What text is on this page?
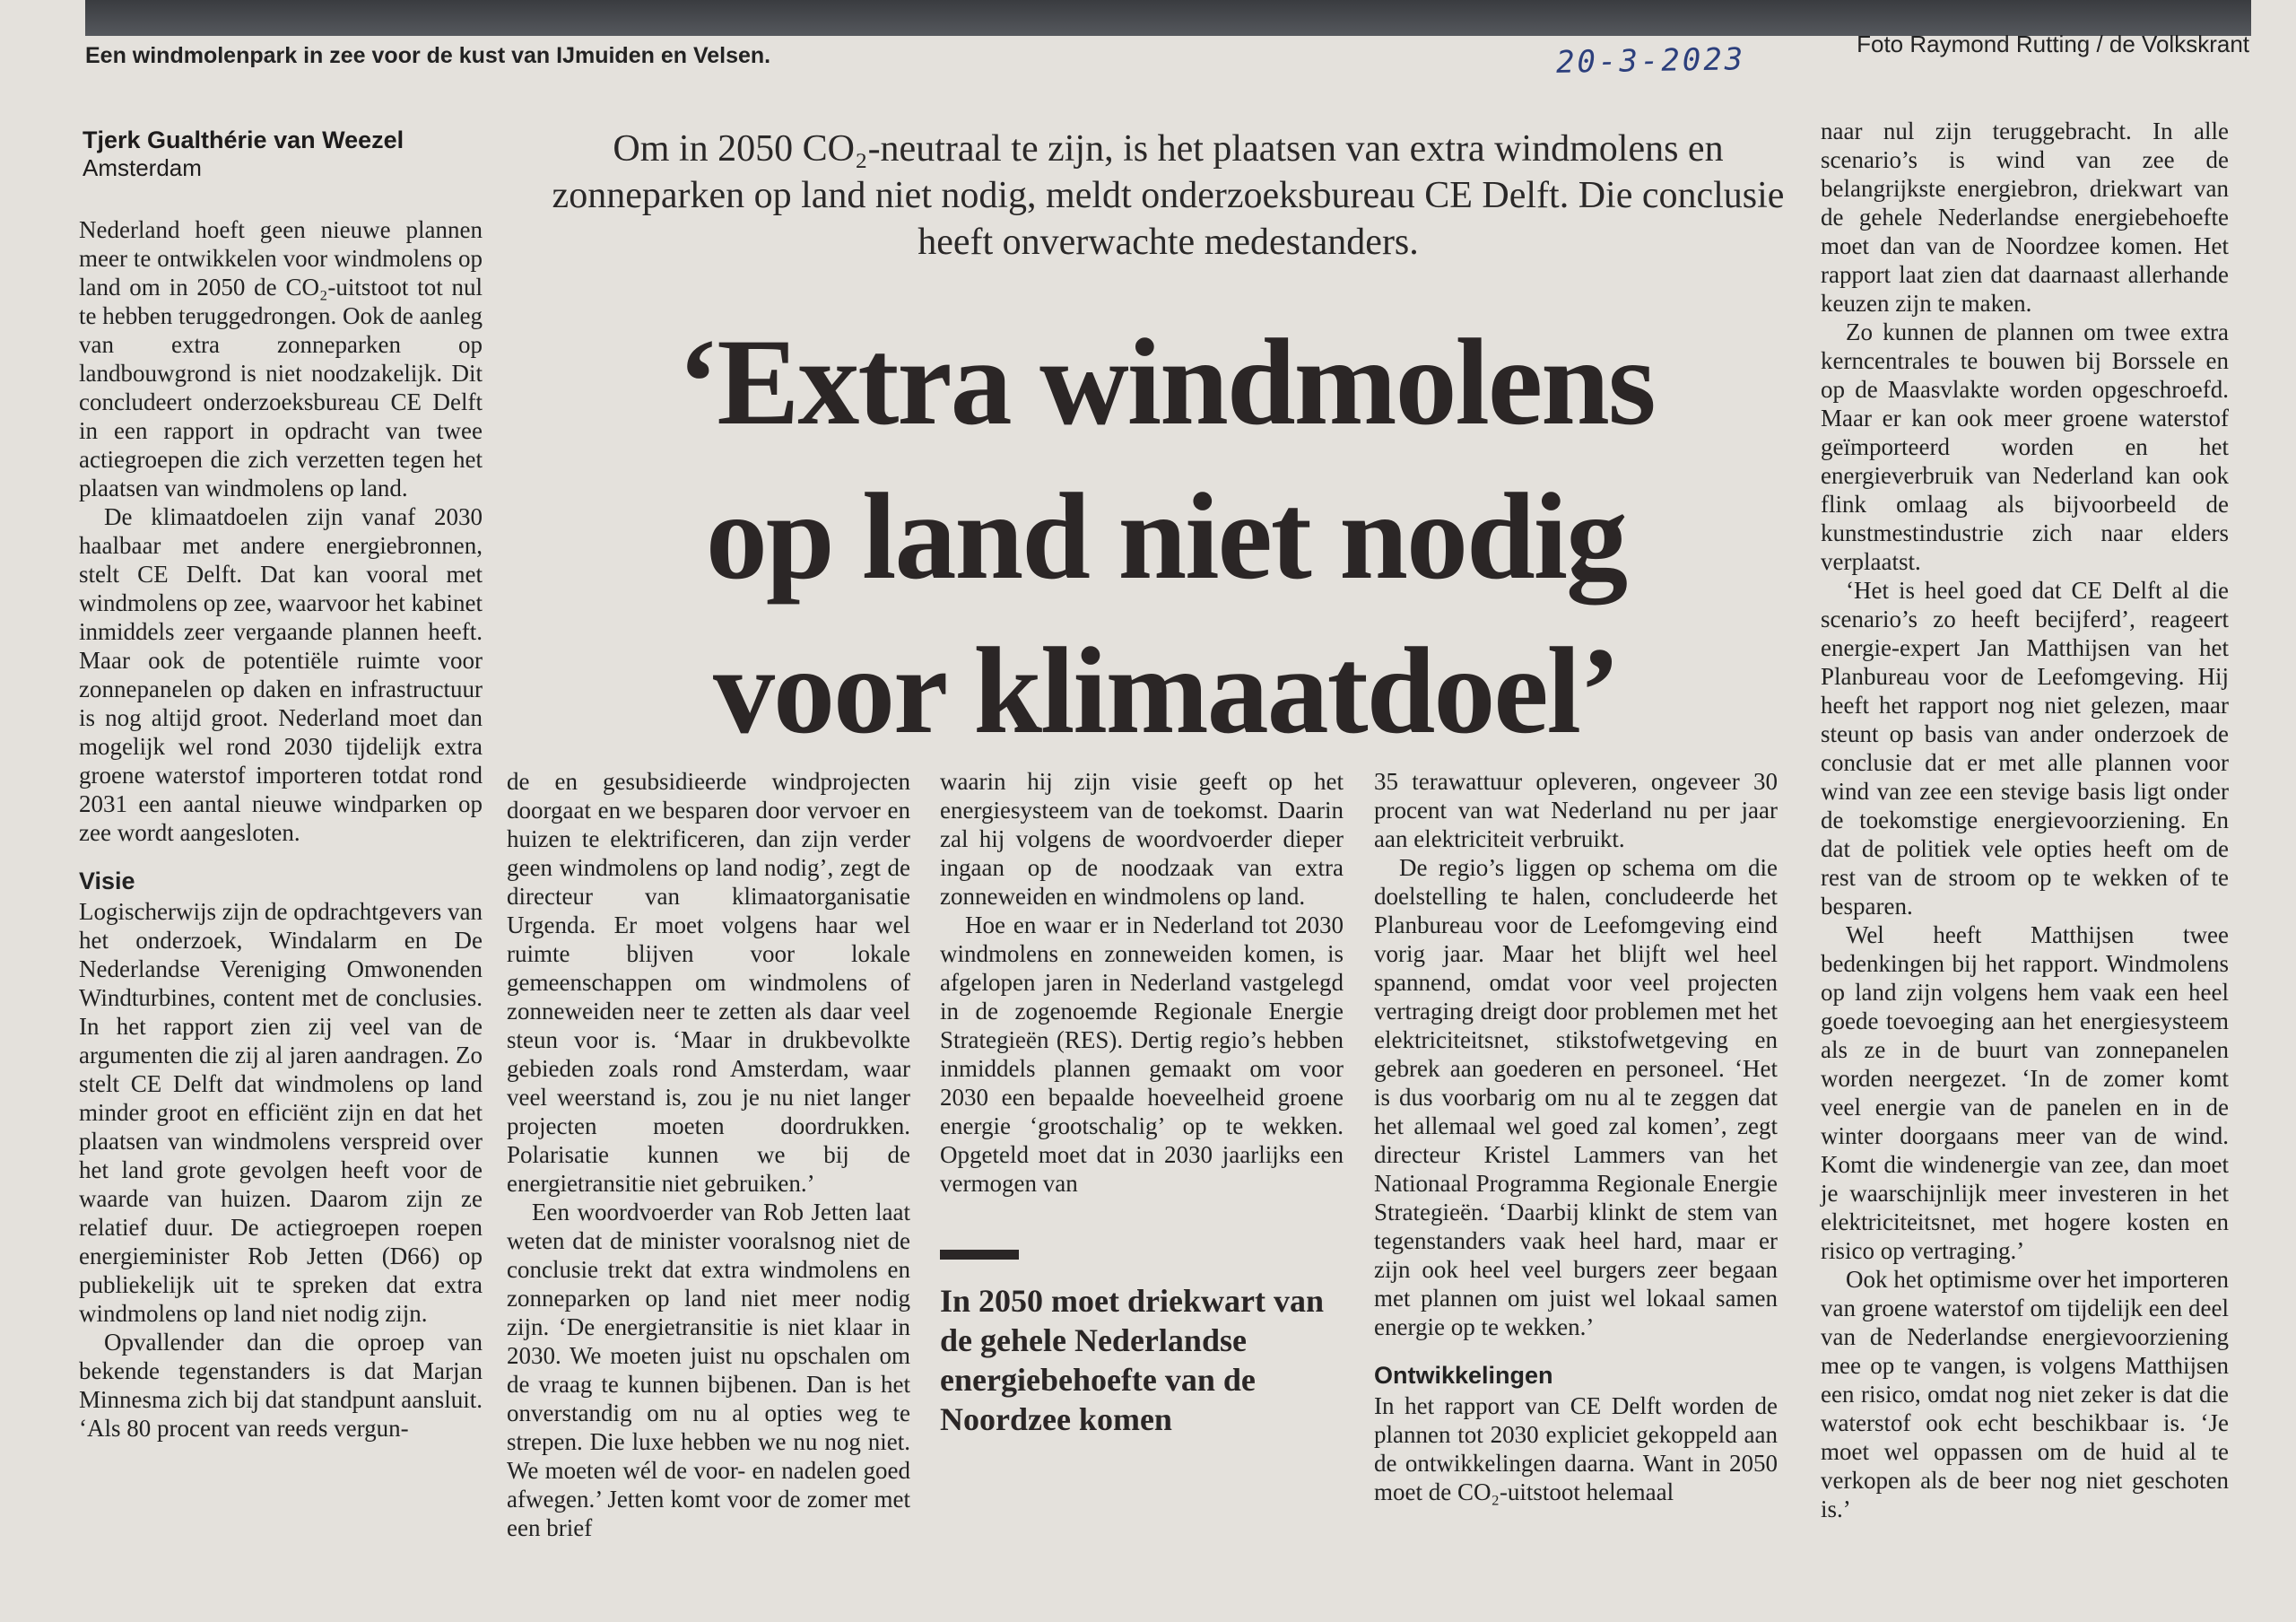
Een windmolenpark in zee voor de kust van IJmuiden en Velsen.	20-3-2023	Foto Raymond Rutting / de Volkskrant
Tjerk Gualthérie van Weezel
Amsterdam	Om in 2050 CO₂-neutraal te zijn, is het plaatsen van extra windmolens en zonneparken op land niet nodig, meldt onderzoeksbureau CE Delft. Die conclusie heeft onverwachte medestanders.
‘Extra windmolens
op land niet nodig
voor klimaatdoel’

Nederland hoeft geen nieuwe plannen meer te ontwikkelen voor windmolens op land om in 2050 de CO₂-uitstoot tot nul te hebben teruggedrongen. Ook de aanleg van extra zonneparken op landbouwgrond is niet noodzakelijk. Dit concludeert onderzoeksbureau CE Delft in een rapport in opdracht van twee actiegroepen die zich verzetten tegen het plaatsen van windmolens op land.

De klimaatdoelen zijn vanaf 2030 haalbaar met andere energiebronnen, stelt CE Delft. Dat kan vooral met windmolens op zee, waarvoor het kabinet inmiddels zeer vergaande plannen heeft. Maar ook de potentiële ruimte voor zonnepanelen op daken en infrastructuur is nog altijd groot. Nederland moet dan mogelijk wel rond 2030 tijdelijk extra groene waterstof importeren totdat rond 2031 een aantal nieuwe windparken op zee wordt aangesloten.

Visie

Logischerwijs zijn de opdrachtgevers van het onderzoek, Windalarm en De Nederlandse Vereniging Omwonenden Windturbines, content met de conclusies. In het rapport zien zij veel van de argumenten die zij al jaren aandragen. Zo stelt CE Delft dat windmolens op land minder groot en efficiënt zijn en dat het plaatsen van windmolens verspreid over het land grote gevolgen heeft voor de waarde van huizen. Daarom zijn ze relatief duur. De actiegroepen roepen energieminister Rob Jetten (D66) op publiekelijk uit te spreken dat extra windmolens op land niet nodig zijn.

Opvallender dan die oproep van bekende tegenstanders is dat Marjan Minnesma zich bij dat standpunt aansluit. ‘Als 80 procent van reeds vergun-

de en gesubsidieerde windprojecten doorgaat en we besparen door vervoer en huizen te elektrificeren, dan zijn verder geen windmolens op land nodig’, zegt de directeur van klimaatorganisatie Urgenda. Er moet volgens haar wel ruimte blijven voor lokale gemeenschappen om windmolens of zonneweiden neer te zetten als daar veel steun voor is. ‘Maar in drukbevolkte gebieden zoals rond Amsterdam, waar veel weerstand is, zou je nu niet langer projecten moeten doordrukken. Polarisatie kunnen we bij de energietransitie niet gebruiken.’

Een woordvoerder van Rob Jetten laat weten dat de minister vooralsnog niet de conclusie trekt dat extra windmolens en zonneparken op land niet meer nodig zijn. ‘De energietransitie is niet klaar in 2030. We moeten juist nu opschalen om de vraag te kunnen bijbenen. Dan is het onverstandig om nu al opties weg te strepen. Die luxe hebben we nu nog niet. We moeten wél de voor- en nadelen goed afwegen.’ Jetten komt voor de zomer met een brief

waarin hij zijn visie geeft op het energiesysteem van de toekomst. Daarin zal hij volgens de woordvoerder dieper ingaan op de noodzaak van extra zonneweiden en windmolens op land.

Hoe en waar er in Nederland tot 2030 windmolens en zonneweiden komen, is afgelopen jaren in Nederland vastgelegd in de zogenoemde Regionale Energie Strategieën (RES). Dertig regio’s hebben inmiddels plannen gemaakt om voor 2030 een bepaalde hoeveelheid groene energie ‘grootschalig’ op te wekken. Opgeteld moet dat in 2030 jaarlijks een vermogen van

In 2050 moet driekwart van de gehele Nederlandse energiebehoefte van de Noordzee komen

35 terawattuur opleveren, ongeveer 30 procent van wat Nederland nu per jaar aan elektriciteit verbruikt.

De regio’s liggen op schema om die doelstelling te halen, concludeerde het Planbureau voor de Leefomgeving eind vorig jaar. Maar het blijft wel heel spannend, omdat voor veel projecten vertraging dreigt door problemen met het elektriciteitsnet, stikstofwetgeving en gebrek aan goederen en personeel. ‘Het is dus voorbarig om nu al te zeggen dat het allemaal wel goed zal komen’, zegt directeur Kristel Lammers van het Nationaal Programma Regionale Energie Strategieën. ‘Daarbij klinkt de stem van tegenstanders vaak heel hard, maar er zijn ook heel veel burgers zeer begaan met plannen om juist wel lokaal samen energie op te wekken.’

Ontwikkelingen

In het rapport van CE Delft worden de plannen tot 2030 expliciet gekoppeld aan de ontwikkelingen daarna. Want in 2050 moet de CO₂-uitstoot helemaal

naar nul zijn teruggebracht. In alle scenario’s is wind van zee de belangrijkste energiebron, driekwart van de gehele Nederlandse energiebehoefte moet dan van de Noordzee komen. Het rapport laat zien dat daarnaast allerhande keuzen zijn te maken.

Zo kunnen de plannen om twee extra kerncentrales te bouwen bij Borssele en op de Maasvlakte worden opgeschroefd. Maar er kan ook meer groene waterstof geïmporteerd worden en het energieverbruik van Nederland kan ook flink omlaag als bijvoorbeeld de kunstmestindustrie zich naar elders verplaatst.

‘Het is heel goed dat CE Delft al die scenario’s zo heeft becijferd’, reageert energie-expert Jan Matthijsen van het Planbureau voor de Leefomgeving. Hij heeft het rapport nog niet gelezen, maar steunt op basis van ander onderzoek de conclusie dat er met alle plannen voor wind van zee een stevige basis ligt onder de toekomstige energievoorziening. En dat de politiek vele opties heeft om de rest van de stroom op te wekken of te besparen.

Wel heeft Matthijsen twee bedenkingen bij het rapport. Windmolens op land zijn volgens hem vaak een heel goede toevoeging aan het energiesysteem als ze in de buurt van zonnepanelen worden neergezet. ‘In de zomer komt veel energie van de panelen en in de winter doorgaans meer van de wind. Komt die windenergie van zee, dan moet je waarschijnlijk meer investeren in het elektriciteitsnet, met hogere kosten en risico op vertraging.’

Ook het optimisme over het importeren van groene waterstof om tijdelijk een deel van de Nederlandse energievoorziening mee op te vangen, is volgens Matthijsen een risico, omdat nog niet zeker is dat die waterstof ook echt beschikbaar is. ‘Je moet wel oppassen om de huid al te verkopen als de beer nog niet geschoten is.’
